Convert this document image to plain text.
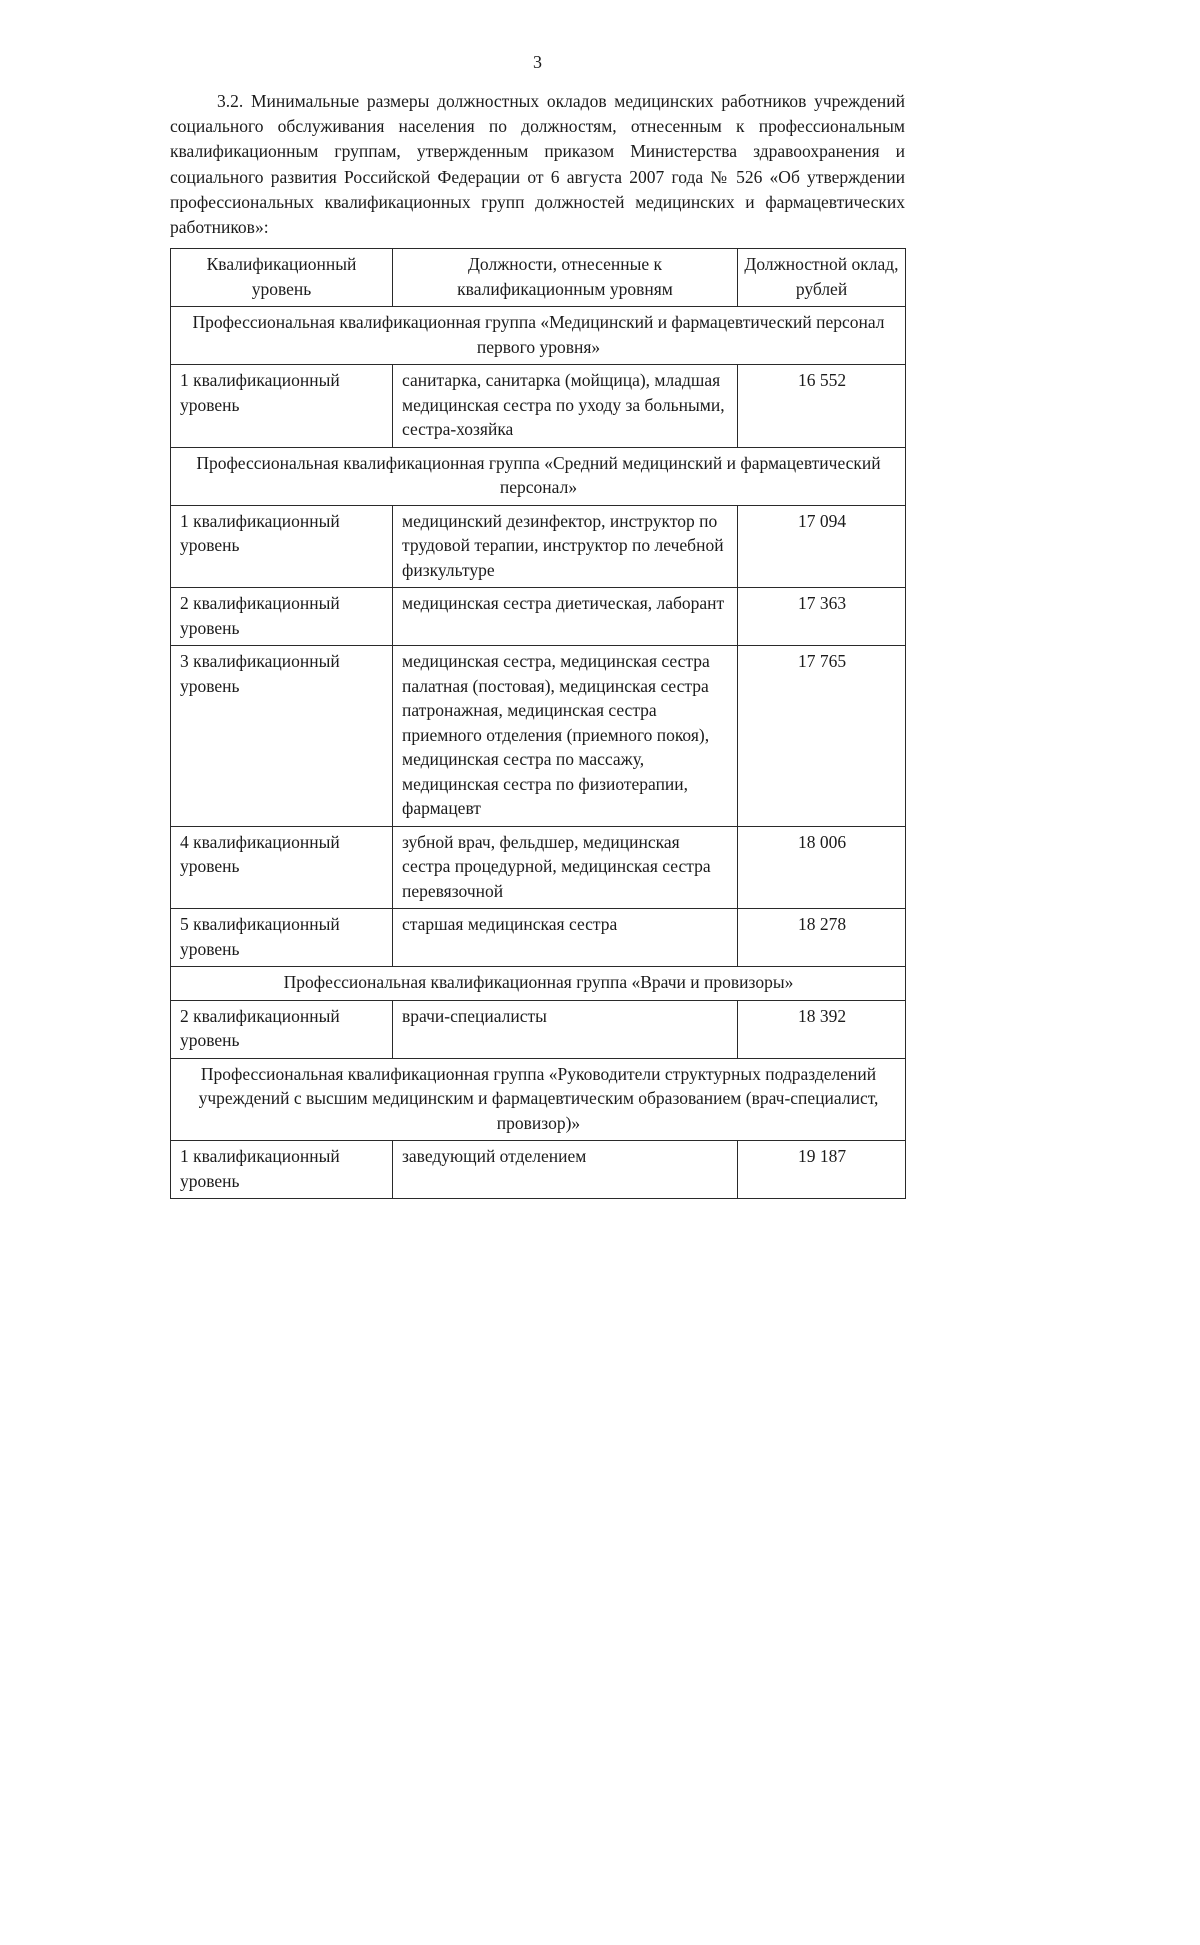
3

3.2. Минимальные размеры должностных окладов медицинских работников учреждений социального обслуживания населения по должностям, отнесенным к профессиональным квалификационным группам, утвержденным приказом Министерства здравоохранения и социального развития Российской Федерации от 6 августа 2007 года № 526 «Об утверждении профессиональных квалификационных групп должностей медицинских и фармацевтических работников»:

Квалификационный уровень	Должности, отнесенные к квалификационным уровням	Должностной оклад, рублей
Профессиональная квалификационная группа «Медицинский и фармацевтический персонал первого уровня»		
1 квалификационный уровень	санитарка, санитарка (мойщица), младшая медицинская сестра по уходу за больными, сестра-хозяйка	16 552
Профессиональная квалификационная группа «Средний медицинский и фармацевтический персонал»		
1 квалификационный уровень	медицинский дезинфектор, инструктор по трудовой терапии, инструктор по лечебной физкультуре	17 094
2 квалификационный уровень	медицинская сестра диетическая, лаборант	17 363
3 квалификационный уровень	медицинская сестра, медицинская сестра палатная (постовая), медицинская сестра патронажная, медицинская сестра приемного отделения (приемного покоя), медицинская сестра по массажу, медицинская сестра по физиотерапии, фармацевт	17 765
4 квалификационный уровень	зубной врач, фельдшер, медицинская сестра процедурной, медицинская сестра перевязочной	18 006
5 квалификационный уровень	старшая медицинская сестра	18 278
Профессиональная квалификационная группа «Врачи и провизоры»		
2 квалификационный уровень	врачи-специалисты	18 392
Профессиональная квалификационная группа «Руководители структурных подразделений учреждений с высшим медицинским и фармацевтическим образованием (врач-специалист, провизор)»		
1 квалификационный уровень	заведующий отделением	19 187
